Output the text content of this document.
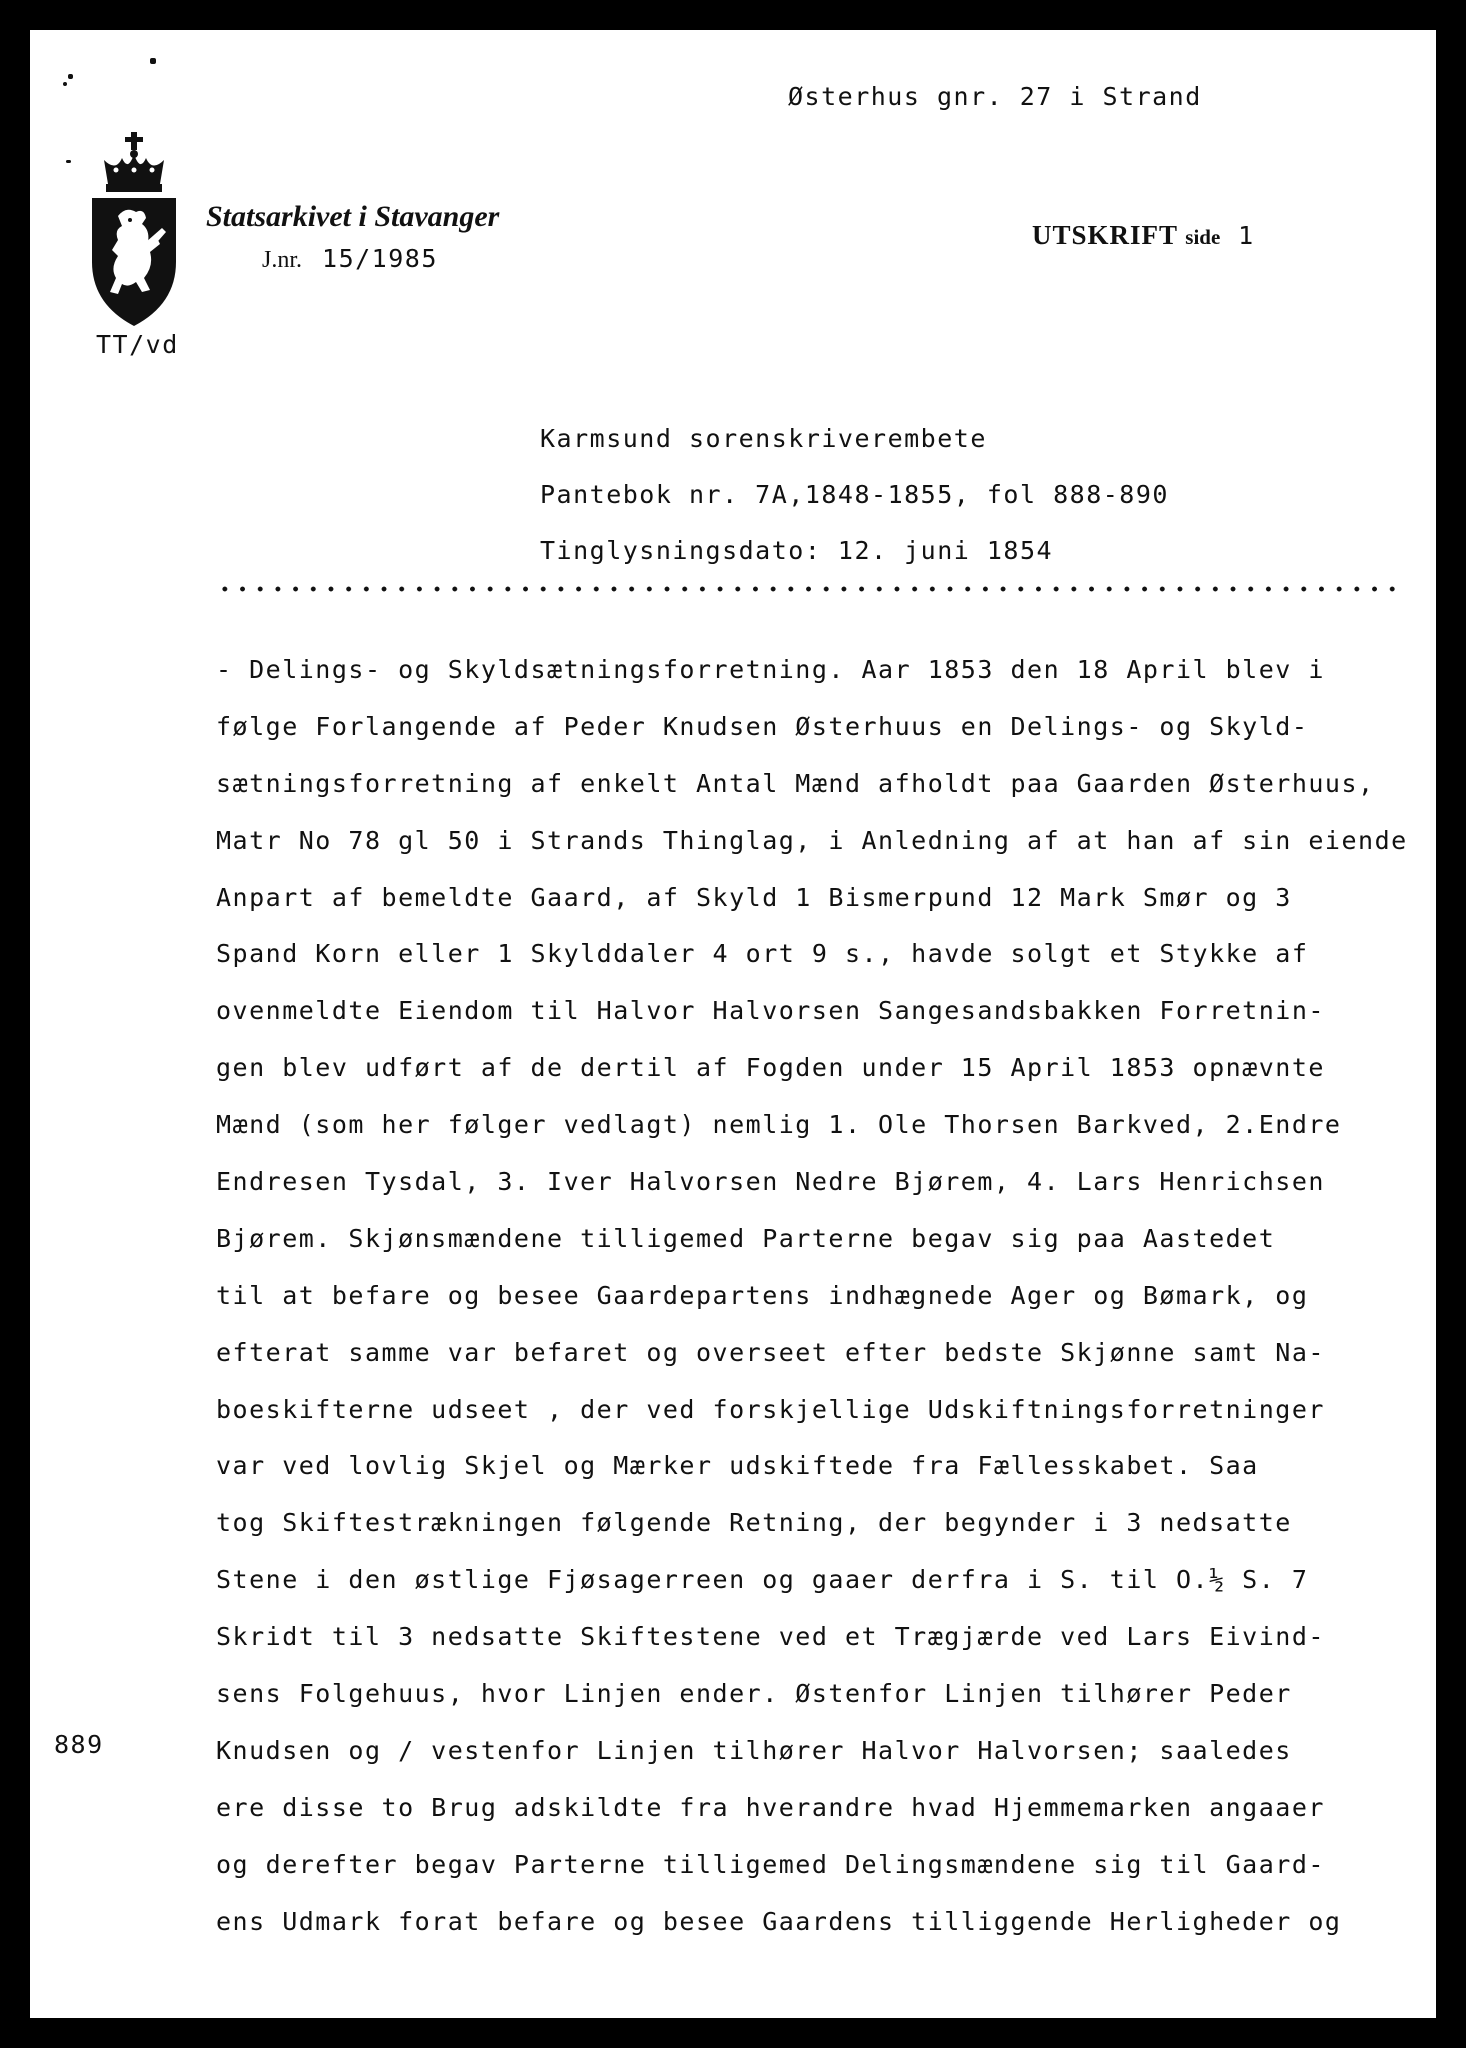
Østerhus gnr. 27 i Strand
Statsarkivet i Stavanger
J.nr. 15/1985
UTSKRIFT side 1
TT/vd
Karmsund sorenskriverembete
Pantebok nr. 7A,1848-1855, fol 888-890
Tinglysningsdato: 12. juni 1854
889
- Delings- og Skyldsætningsforretning. Aar 1853 den 18 April blev i
følge Forlangende af Peder Knudsen Østerhuus en Delings- og Skyld-
sætningsforretning af enkelt Antal Mænd afholdt paa Gaarden Østerhuus,
Matr No 78 gl 50 i Strands Thinglag, i Anledning af at han af sin eiende
Anpart af bemeldte Gaard, af Skyld 1 Bismerpund 12 Mark Smør og 3
Spand Korn eller 1 Skylddaler 4 ort 9 s., havde solgt et Stykke af
ovenmeldte Eiendom til Halvor Halvorsen Sangesandsbakken Forretnin-
gen blev udført af de dertil af Fogden under 15 April 1853 opnævnte
Mænd (som her følger vedlagt) nemlig 1. Ole Thorsen Barkved, 2.Endre
Endresen Tysdal, 3. Iver Halvorsen Nedre Bjørem, 4. Lars Henrichsen
Bjørem. Skjønsmændene tilligemed Parterne begav sig paa Aastedet
til at befare og besee Gaardepartens indhægnede Ager og Bømark, og
efterat samme var befaret og overseet efter bedste Skjønne samt Na-
boeskifterne udseet , der ved forskjellige Udskiftningsforretninger
var ved lovlig Skjel og Mærker udskiftede fra Fællesskabet. Saa
tog Skiftestrækningen følgende Retning, der begynder i 3 nedsatte
Stene i den østlige Fjøsagerreen og gaaer derfra i S. til O.½ S. 7
Skridt til 3 nedsatte Skiftestene ved et Trægjærde ved Lars Eivind-
sens Folgehuus, hvor Linjen ender. Østenfor Linjen tilhører Peder
Knudsen og / vestenfor Linjen tilhører Halvor Halvorsen; saaledes
ere disse to Brug adskildte fra hverandre hvad Hjemmemarken angaaer
og derefter begav Parterne tilligemed Delingsmændene sig til Gaard-
ens Udmark forat befare og besee Gaardens tilliggende Herligheder og
